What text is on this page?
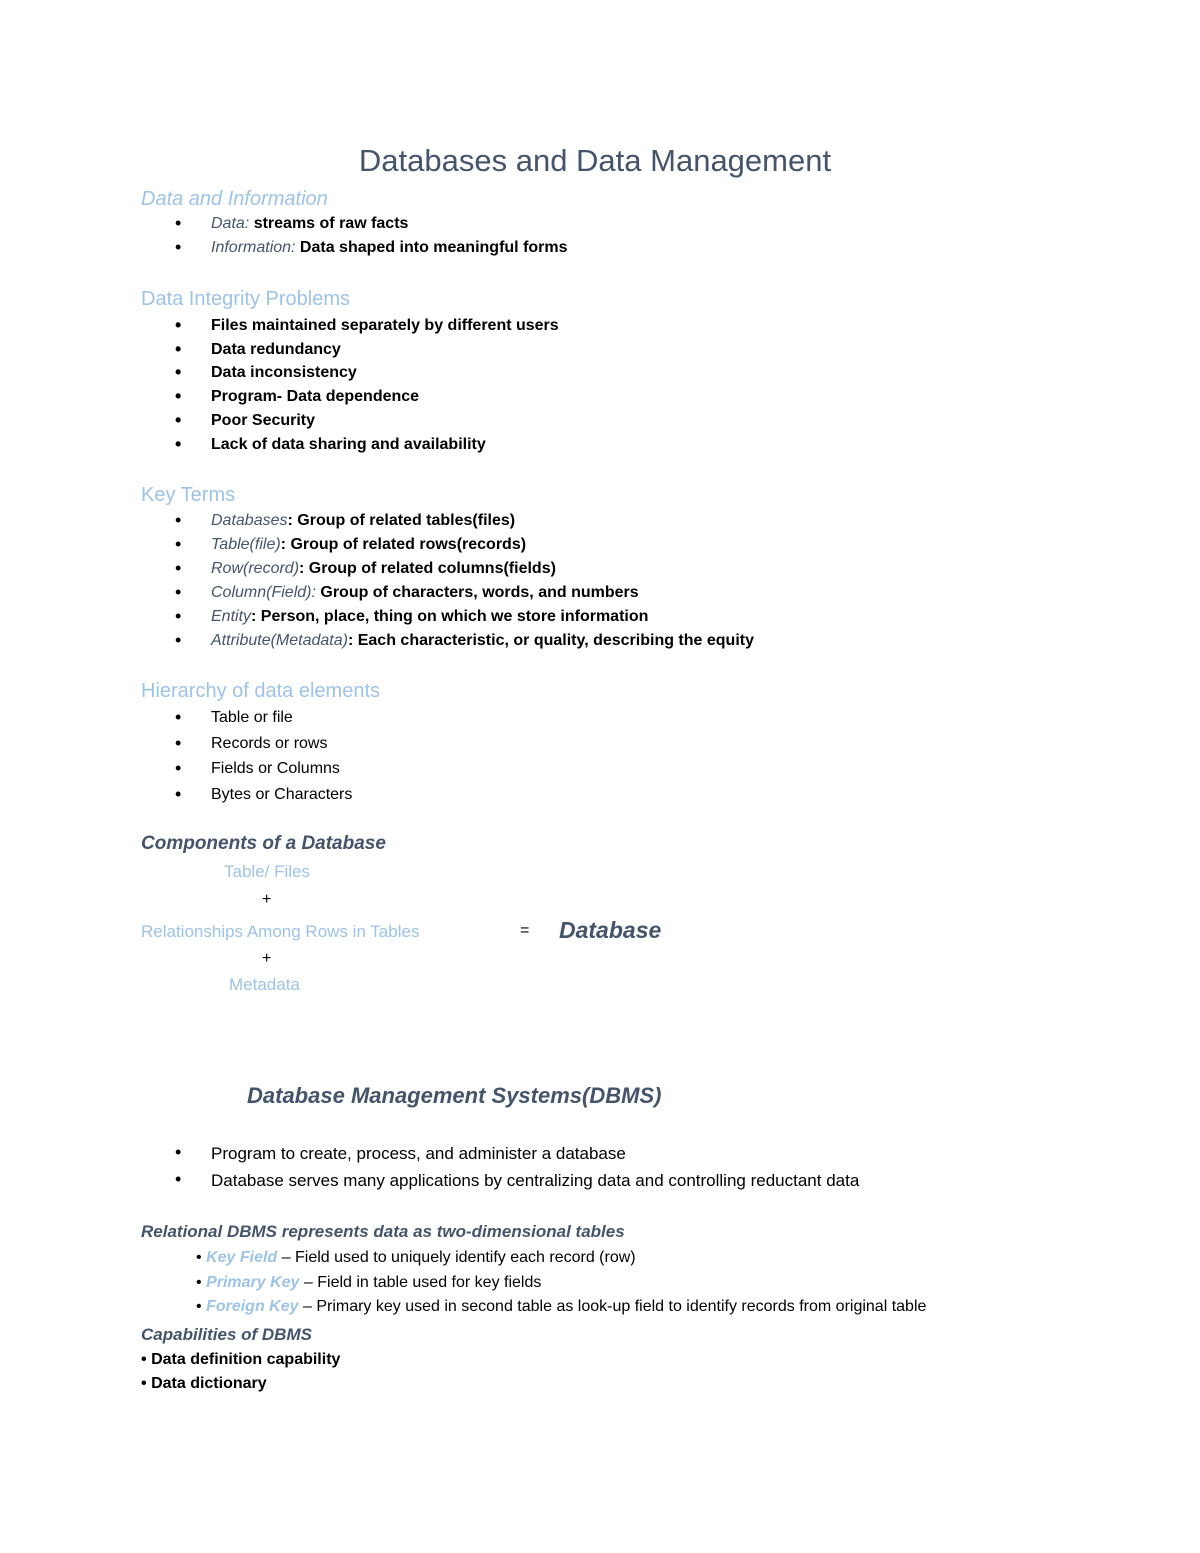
Databases and Data Management
Data and Information
• Data: streams of raw facts
• Information: Data shaped into meaningful forms
Data Integrity Problems
• Files maintained separately by different users
• Data redundancy
• Data inconsistency
• Program- Data dependence
• Poor Security
• Lack of data sharing and availability
Key Terms
• Databases: Group of related tables(files)
• Table(file): Group of related rows(records)
• Row(record): Group of related columns(fields)
• Column(Field): Group of characters, words, and numbers
• Entity: Person, place, thing on which we store information
• Attribute(Metadata): Each characteristic, or quality, describing the equity
Hierarchy of data elements
• Table or file
• Records or rows
• Fields or Columns
• Bytes or Characters
Components of a Database
Table/ Files
+
Relationships Among Rows in Tables	= Database
+
Metadata
Database Management Systems(DBMS)
• Program to create, process, and administer a database
• Database serves many applications by centralizing data and controlling reductant data
Relational DBMS represents data as two-dimensional tables
• Key Field – Field used to uniquely identify each record (row)
• Primary Key – Field in table used for key fields
• Foreign Key – Primary key used in second table as look-up field to identify records from original table
Capabilities of DBMS
• Data definition capability
• Data dictionary
